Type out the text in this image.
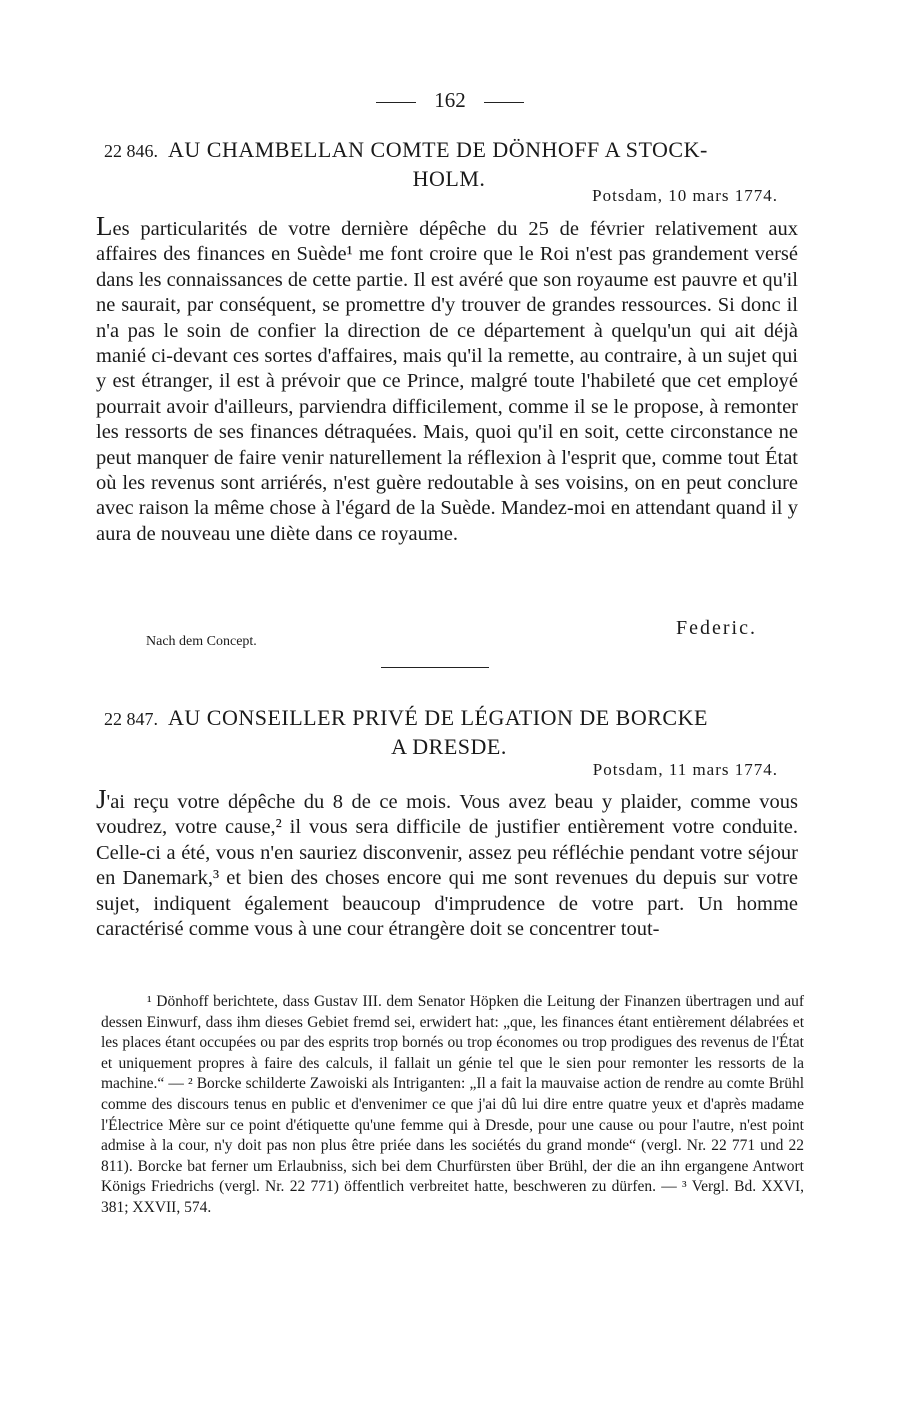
162
22 846. AU CHAMBELLAN COMTE DE DÖNHOFF A STOCK-
HOLM.
Potsdam, 10 mars 1774.
Les particularités de votre dernière dépêche du 25 de février relativement aux affaires des finances en Suède¹ me font croire que le Roi n'est pas grandement versé dans les connaissances de cette partie. Il est avéré que son royaume est pauvre et qu'il ne saurait, par conséquent, se promettre d'y trouver de grandes ressources. Si donc il n'a pas le soin de confier la direction de ce département à quelqu'un qui ait déjà manié ci-devant ces sortes d'affaires, mais qu'il la remette, au contraire, à un sujet qui y est étranger, il est à prévoir que ce Prince, malgré toute l'habileté que cet employé pourrait avoir d'ailleurs, parviendra difficilement, comme il se le propose, à remonter les ressorts de ses finances détraquées. Mais, quoi qu'il en soit, cette circonstance ne peut manquer de faire venir naturellement la réflexion à l'esprit que, comme tout État où les revenus sont arriérés, n'est guère redoutable à ses voisins, on en peut conclure avec raison la même chose à l'égard de la Suède. Mandez-moi en attendant quand il y aura de nouveau une diète dans ce royaume.
Federic.
Nach dem Concept.
22 847. AU CONSEILLER PRIVÉ DE LÉGATION DE BORCKE
A DRESDE.
Potsdam, 11 mars 1774.
J'ai reçu votre dépêche du 8 de ce mois. Vous avez beau y plaider, comme vous voudrez, votre cause,² il vous sera difficile de justifier entièrement votre conduite. Celle-ci a été, vous n'en sauriez disconvenir, assez peu réfléchie pendant votre séjour en Danemark,³ et bien des choses encore qui me sont revenues du depuis sur votre sujet, indiquent également beaucoup d'imprudence de votre part. Un homme caractérisé comme vous à une cour étrangère doit se concentrer tout-

¹ Dönhoff berichtete, dass Gustav III. dem Senator Höpken die Leitung der Finanzen übertragen und auf dessen Einwurf, dass ihm dieses Gebiet fremd sei, erwidert hat: „que, les finances étant entièrement délabrées et les places étant occupées ou par des esprits trop bornés ou trop économes ou trop prodigues des revenus de l'État et uniquement propres à faire des calculs, il fallait un génie tel que le sien pour remonter les ressorts de la machine.“ — ² Borcke schilderte Zawoiski als Intriganten: „Il a fait la mauvaise action de rendre au comte Brühl comme des discours tenus en public et d'envenimer ce que j'ai dû lui dire entre quatre yeux et d'après madame l'Électrice Mère sur ce point d'étiquette qu'une femme qui à Dresde, pour une cause ou pour l'autre, n'est point admise à la cour, n'y doit pas non plus être priée dans les sociétés du grand monde“ (vergl. Nr. 22 771 und 22 811). Borcke bat ferner um Erlaubniss, sich bei dem Churfürsten über Brühl, der die an ihn ergangene Antwort Königs Friedrichs (vergl. Nr. 22 771) öffentlich verbreitet hatte, beschweren zu dürfen. — ³ Vergl. Bd. XXVI, 381; XXVII, 574.
